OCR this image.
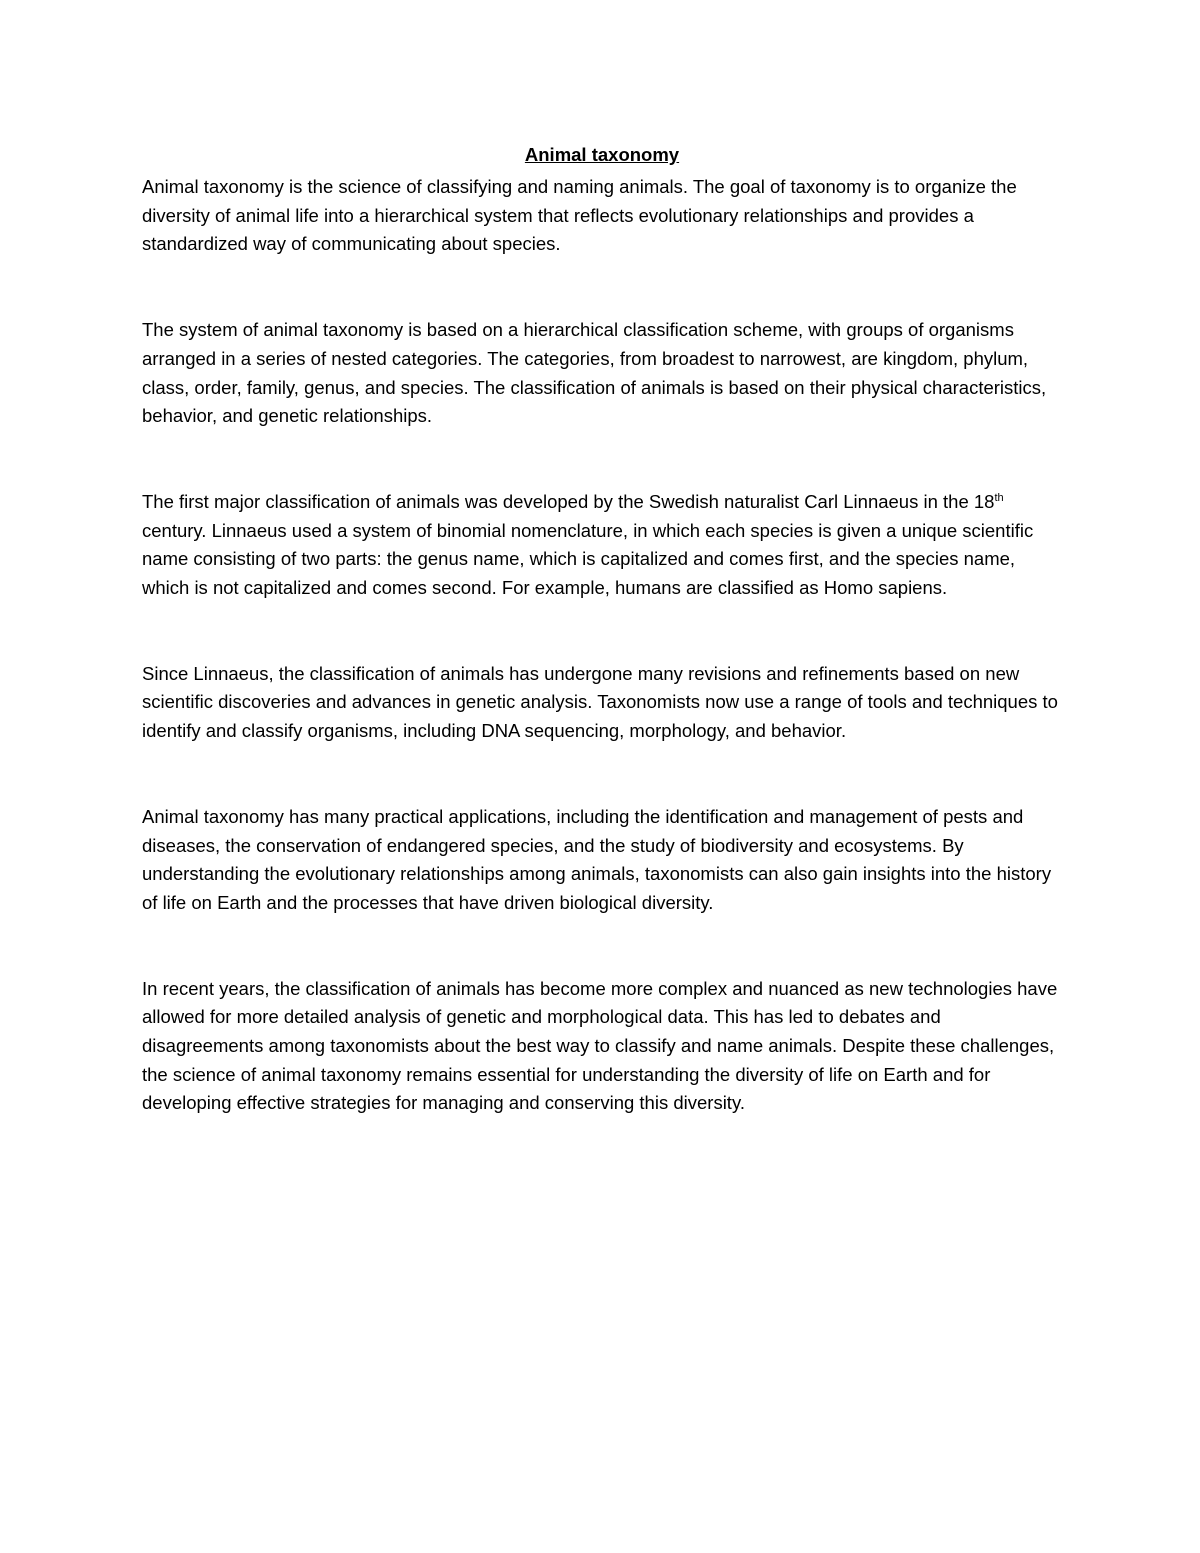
Animal taxonomy

Animal taxonomy is the science of classifying and naming animals. The goal of taxonomy is to organize the diversity of animal life into a hierarchical system that reflects evolutionary relationships and provides a standardized way of communicating about species.

The system of animal taxonomy is based on a hierarchical classification scheme, with groups of organisms arranged in a series of nested categories. The categories, from broadest to narrowest, are kingdom, phylum, class, order, family, genus, and species. The classification of animals is based on their physical characteristics, behavior, and genetic relationships.

The first major classification of animals was developed by the Swedish naturalist Carl Linnaeus in the 18th century. Linnaeus used a system of binomial nomenclature, in which each species is given a unique scientific name consisting of two parts: the genus name, which is capitalized and comes first, and the species name, which is not capitalized and comes second. For example, humans are classified as Homo sapiens.

Since Linnaeus, the classification of animals has undergone many revisions and refinements based on new scientific discoveries and advances in genetic analysis. Taxonomists now use a range of tools and techniques to identify and classify organisms, including DNA sequencing, morphology, and behavior.

Animal taxonomy has many practical applications, including the identification and management of pests and diseases, the conservation of endangered species, and the study of biodiversity and ecosystems. By understanding the evolutionary relationships among animals, taxonomists can also gain insights into the history of life on Earth and the processes that have driven biological diversity.

In recent years, the classification of animals has become more complex and nuanced as new technologies have allowed for more detailed analysis of genetic and morphological data. This has led to debates and disagreements among taxonomists about the best way to classify and name animals. Despite these challenges, the science of animal taxonomy remains essential for understanding the diversity of life on Earth and for developing effective strategies for managing and conserving this diversity.
